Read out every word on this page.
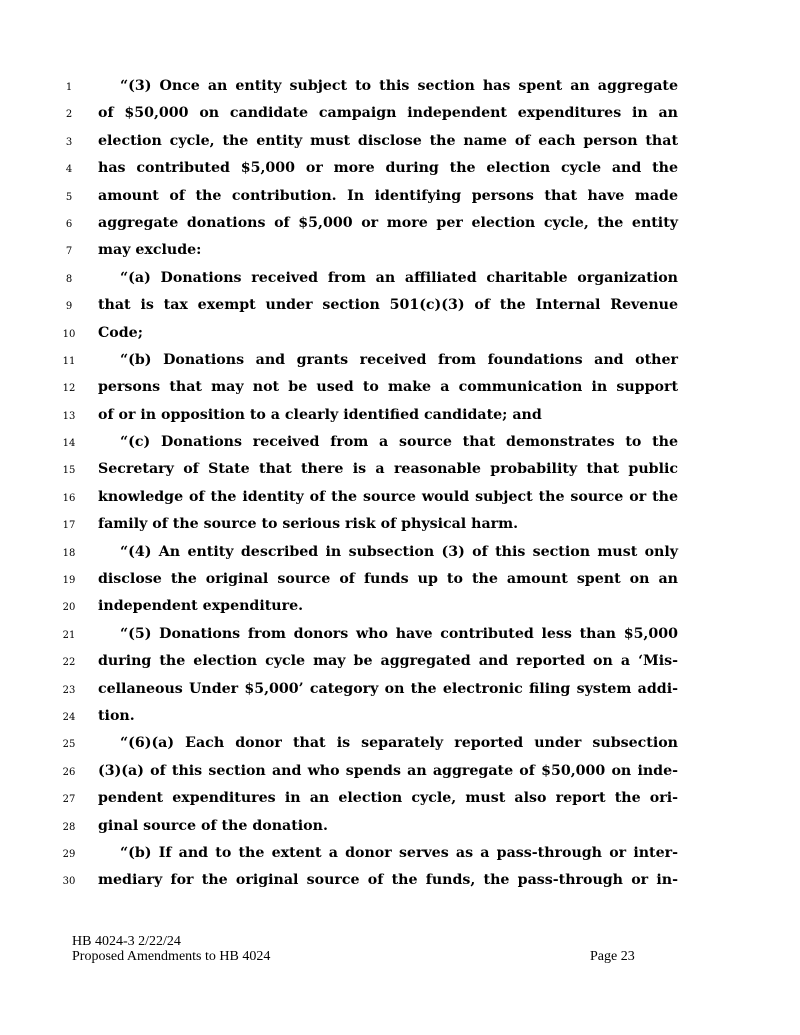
1	“(3) Once an entity subject to this section has spent an aggregate
2	of $50,000 on candidate campaign independent expenditures in an
3	election cycle, the entity must disclose the name of each person that
4	has contributed $5,000 or more during the election cycle and the
5	amount of the contribution. In identifying persons that have made
6	aggregate donations of $5,000 or more per election cycle, the entity
7	may exclude:
8	“(a) Donations received from an affiliated charitable organization
9	that is tax exempt under section 501(c)(3) of the Internal Revenue
10	Code;
11	“(b) Donations and grants received from foundations and other
12	persons that may not be used to make a communication in support
13	of or in opposition to a clearly identified candidate; and
14	“(c) Donations received from a source that demonstrates to the
15	Secretary of State that there is a reasonable probability that public
16	knowledge of the identity of the source would subject the source or the
17	family of the source to serious risk of physical harm.
18	“(4) An entity described in subsection (3) of this section must only
19	disclose the original source of funds up to the amount spent on an
20	independent expenditure.
21	“(5) Donations from donors who have contributed less than $5,000
22	during the election cycle may be aggregated and reported on a ‘Mis-
23	cellaneous Under $5,000’ category on the electronic filing system addi-
24	tion.
25	“(6)(a) Each donor that is separately reported under subsection
26	(3)(a) of this section and who spends an aggregate of $50,000 on inde-
27	pendent expenditures in an election cycle, must also report the ori-
28	ginal source of the donation.
29	“(b) If and to the extent a donor serves as a pass-through or inter-
30	mediary for the original source of the funds, the pass-through or in-
HB 4024-3 2/22/24
Proposed Amendments to HB 4024	Page 23
